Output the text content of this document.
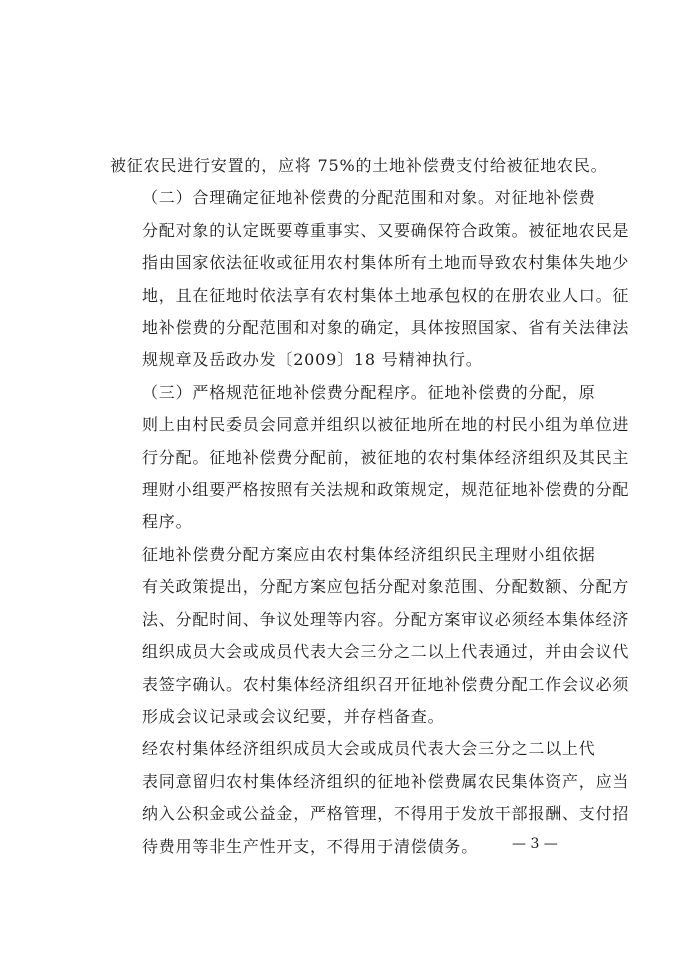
被征农民进行安置的，应将 75%的土地补偿费支付给被征地农民。

（二）合理确定征地补偿费的分配范围和对象。对征地补偿费
分配对象的认定既要尊重事实、又要确保符合政策。被征地农民是
指由国家依法征收或征用农村集体所有土地而导致农村集体失地少
地，且在征地时依法享有农村集体土地承包权的在册农业人口。征
地补偿费的分配范围和对象的确定，具体按照国家、省有关法律法
规规章及岳政办发〔2009〕18 号精神执行。

（三）严格规范征地补偿费分配程序。征地补偿费的分配，原
则上由村民委员会同意并组织以被征地所在地的村民小组为单位进
行分配。征地补偿费分配前，被征地的农村集体经济组织及其民主
理财小组要严格按照有关法规和政策规定，规范征地补偿费的分配
程序。

征地补偿费分配方案应由农村集体经济组织民主理财小组依据
有关政策提出，分配方案应包括分配对象范围、分配数额、分配方
法、分配时间、争议处理等内容。分配方案审议必须经本集体经济
组织成员大会或成员代表大会三分之二以上代表通过，并由会议代
表签字确认。农村集体经济组织召开征地补偿费分配工作会议必须
形成会议记录或会议纪要，并存档备查。

经农村集体经济组织成员大会或成员代表大会三分之二以上代
表同意留归农村集体经济组织的征地补偿费属农民集体资产，应当
纳入公积金或公益金，严格管理，不得用于发放干部报酬、支付招
待费用等非生产性开支，不得用于清偿债务。	— 3 —
